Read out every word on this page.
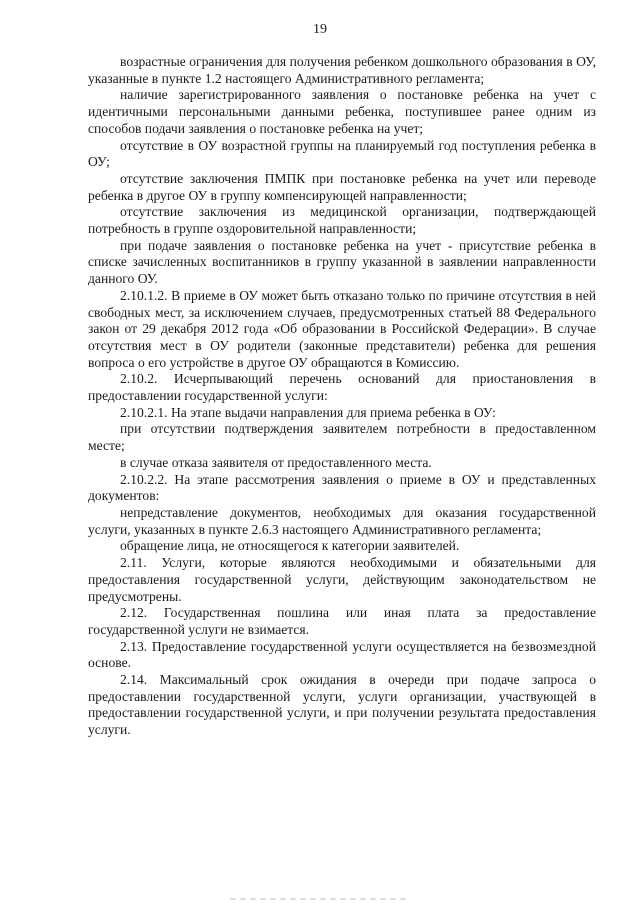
19

возрастные ограничения для получения ребенком дошкольного образования в ОУ, указанные в пункте 1.2 настоящего Административного регламента;

наличие зарегистрированного заявления о постановке ребенка на учет с идентичными персональными данными ребенка, поступившее ранее одним из способов подачи заявления о постановке ребенка на учет;

отсутствие в ОУ возрастной группы на планируемый год поступления ребенка в ОУ;

отсутствие заключения ПМПК при постановке ребенка на учет или переводе ребенка в другое ОУ в группу компенсирующей направленности;

отсутствие заключения из медицинской организации, подтверждающей потребность в группе оздоровительной направленности;

при подаче заявления о постановке ребенка на учет - присутствие ребенка в списке зачисленных воспитанников в группу указанной в заявлении направленности данного ОУ.

2.10.1.2. В приеме в ОУ может быть отказано только по причине отсутствия в ней свободных мест, за исключением случаев, предусмотренных статьей 88 Федерального закон от 29 декабря 2012 года «Об образовании в Российской Федерации». В случае отсутствия мест в ОУ родители (законные представители) ребенка для решения вопроса о его устройстве в другое ОУ обращаются в Комиссию.

2.10.2. Исчерпывающий перечень оснований для приостановления в предоставлении государственной услуги:

2.10.2.1. На этапе выдачи направления для приема ребенка в ОУ:

при отсутствии подтверждения заявителем потребности в предоставленном месте;

в случае отказа заявителя от предоставленного места.

2.10.2.2. На этапе рассмотрения заявления о приеме в ОУ и представленных документов:

непредставление документов, необходимых для оказания государственной услуги, указанных в пункте 2.6.3 настоящего Административного регламента;

обращение лица, не относящегося к категории заявителей.

2.11. Услуги, которые являются необходимыми и обязательными для предоставления государственной услуги, действующим законодательством не предусмотрены.

2.12. Государственная пошлина или иная плата за предоставление государственной услуги не взимается.

2.13. Предоставление государственной услуги осуществляется на безвозмездной основе.

2.14. Максимальный срок ожидания в очереди при подаче запроса о предоставлении государственной услуги, услуги организации, участвующей в предоставлении государственной услуги, и при получении результата предоставления услуги.
